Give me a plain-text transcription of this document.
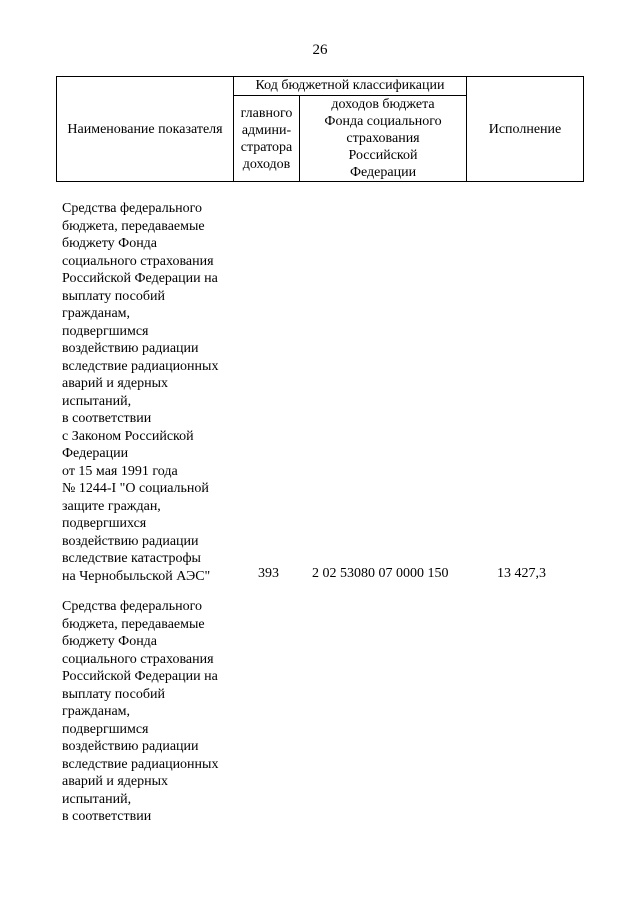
26
Наименование показателя
Код бюджетной классификации
главного
админи-
стратора
доходов
доходов бюджета
Фонда социального
страхования
Российской
Федерации
Исполнение
Средства федерального
бюджета, передаваемые
бюджету Фонда
социального страхования
Российской Федерации на
выплату пособий
гражданам,
подвергшимся
воздействию радиации
вследствие радиационных
аварий и ядерных
испытаний,
в соответствии
с Законом Российской
Федерации
от 15 мая 1991 года
№ 1244-I "О социальной
защите граждан,
подвергшихся
воздействию радиации
вследствие катастрофы
на Чернобыльской АЭС"	393 2 02 53080 07 0000 150	13 427,3
Средства федерального
бюджета, передаваемые
бюджету Фонда
социального страхования
Российской Федерации на
выплату пособий
гражданам,
подвергшимся
воздействию радиации
вследствие радиационных
аварий и ядерных
испытаний,
в соответствии
